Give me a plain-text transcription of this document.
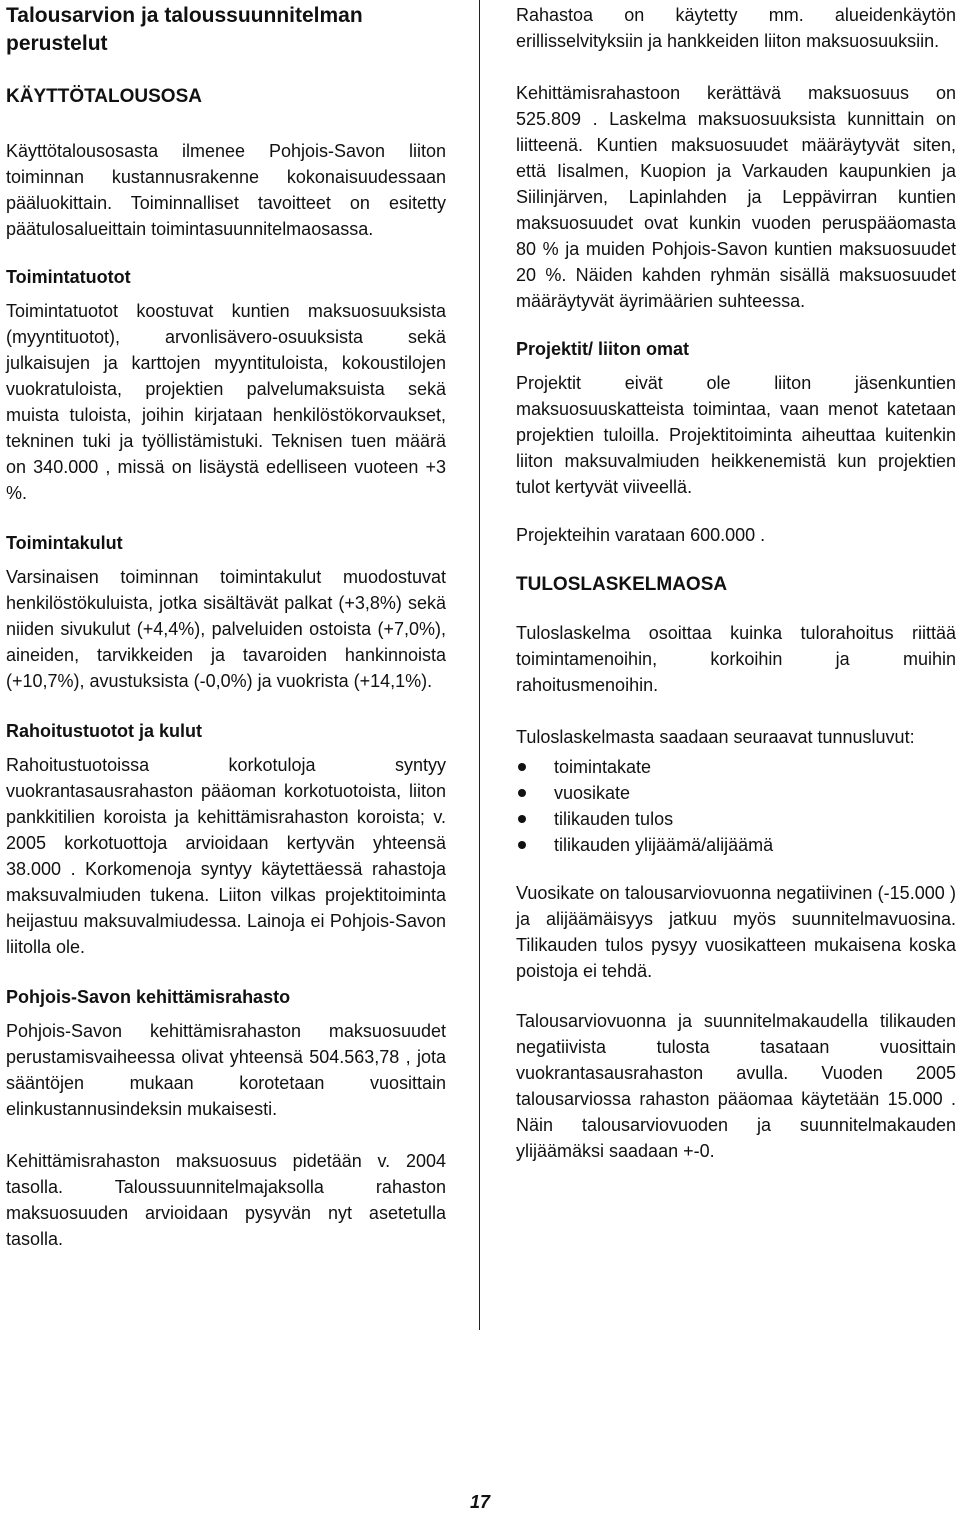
Talousarvion ja taloussuunnitelman perustelut
KÄYTTÖTALOUSOSA

Käyttötalousosasta ilmenee Pohjois-Savon liiton toiminnan kustannusrakenne kokonaisuudessaan pääluokittain. Toiminnalliset tavoitteet on esitetty päätulosalueittain toimintasuunnitelmaosassa.

Toimintatuotot

Toimintatuotot koostuvat kuntien maksuosuuksista (myyntituotot), arvonlisävero-osuuksista sekä julkaisujen ja karttojen myyntituloista, kokoustilojen vuokratuloista, projektien palvelumaksuista sekä muista tuloista, joihin kirjataan henkilöstökorvaukset, tekninen tuki ja työllistämistuki. Teknisen tuen määrä on 340.000 , missä on lisäystä edelliseen vuoteen +3 %.

Toimintakulut

Varsinaisen toiminnan toimintakulut muodostuvat henkilöstökuluista, jotka sisältävät palkat (+3,8%) sekä niiden sivukulut (+4,4%), palveluiden ostoista (+7,0%), aineiden, tarvikkeiden ja tavaroiden hankinnoista (+10,7%), avustuksista (-0,0%) ja vuokrista (+14,1%).

Rahoitustuotot ja kulut

Rahoitustuotoissa korkotuloja syntyy vuokrantasausrahaston pääoman korkotuotoista, liiton pankkitilien koroista ja kehittämisrahaston koroista; v. 2005 korkotuottoja arvioidaan kertyvän yhteensä 38.000 . Korkomenoja syntyy käytettäessä rahastoja maksuvalmiuden tukena. Liiton vilkas projektitoiminta heijastuu maksuvalmiudessa. Lainoja ei Pohjois-Savon liitolla ole.

Pohjois-Savon kehittämisrahasto

Pohjois-Savon kehittämisrahaston maksuosuudet perustamisvaiheessa olivat yhteensä 504.563,78 , jota sääntöjen mukaan korotetaan vuosittain elinkustannusindeksin mukaisesti.

Kehittämisrahaston maksuosuus pidetään v. 2004 tasolla. Taloussuunnitelmajaksolla rahaston maksuosuuden arvioidaan pysyvän nyt asetetulla tasolla.

Rahastoa on käytetty mm. alueidenkäytön erillisselvityksiin ja hankkeiden liiton maksuosuuksiin.

Kehittämisrahastoon kerättävä maksuosuus on 525.809 . Laskelma maksuosuuksista kunnittain on liitteenä. Kuntien maksuosuudet määräytyvät siten, että Iisalmen, Kuopion ja Varkauden kaupunkien ja Siilinjärven, Lapinlahden ja Leppävirran kuntien maksuosuudet ovat kunkin vuoden peruspääomasta 80 % ja muiden Pohjois-Savon kuntien maksuosuudet 20 %. Näiden kahden ryhmän sisällä maksuosuudet määräytyvät äyrimäärien suhteessa.

Projektit/ liiton omat

Projektit eivät ole liiton jäsenkuntien maksuosuuskatteista toimintaa, vaan menot katetaan projektien tuloilla. Projektitoiminta aiheuttaa kuitenkin liiton maksuvalmiuden heikkenemistä kun projektien tulot kertyvät viiveellä.

Projekteihin varataan 600.000 .

TULOSLASKELMAOSA

Tuloslaskelma osoittaa kuinka tulorahoitus riittää toimintamenoihin, korkoihin ja muihin rahoitusmenoihin.

Tuloslaskelmasta saadaan seuraavat tunnusluvut:

toimintakate
vuosikate
tilikauden tulos
tilikauden ylijäämä/alijäämä

Vuosikate on talousarviovuonna negatiivinen (-15.000 ) ja alijäämäisyys jatkuu myös suunnitelmavuosina. Tilikauden tulos pysyy vuosikatteen mukaisena koska poistoja ei tehdä.

Talousarviovuonna ja suunnitelmakaudella tilikauden negatiivista tulosta tasataan vuosittain vuokrantasausrahaston avulla. Vuoden 2005 talousarviossa rahaston pääomaa käytetään 15.000 . Näin talousarviovuoden ja suunnitelmakauden ylijäämäksi saadaan +-0.

17
